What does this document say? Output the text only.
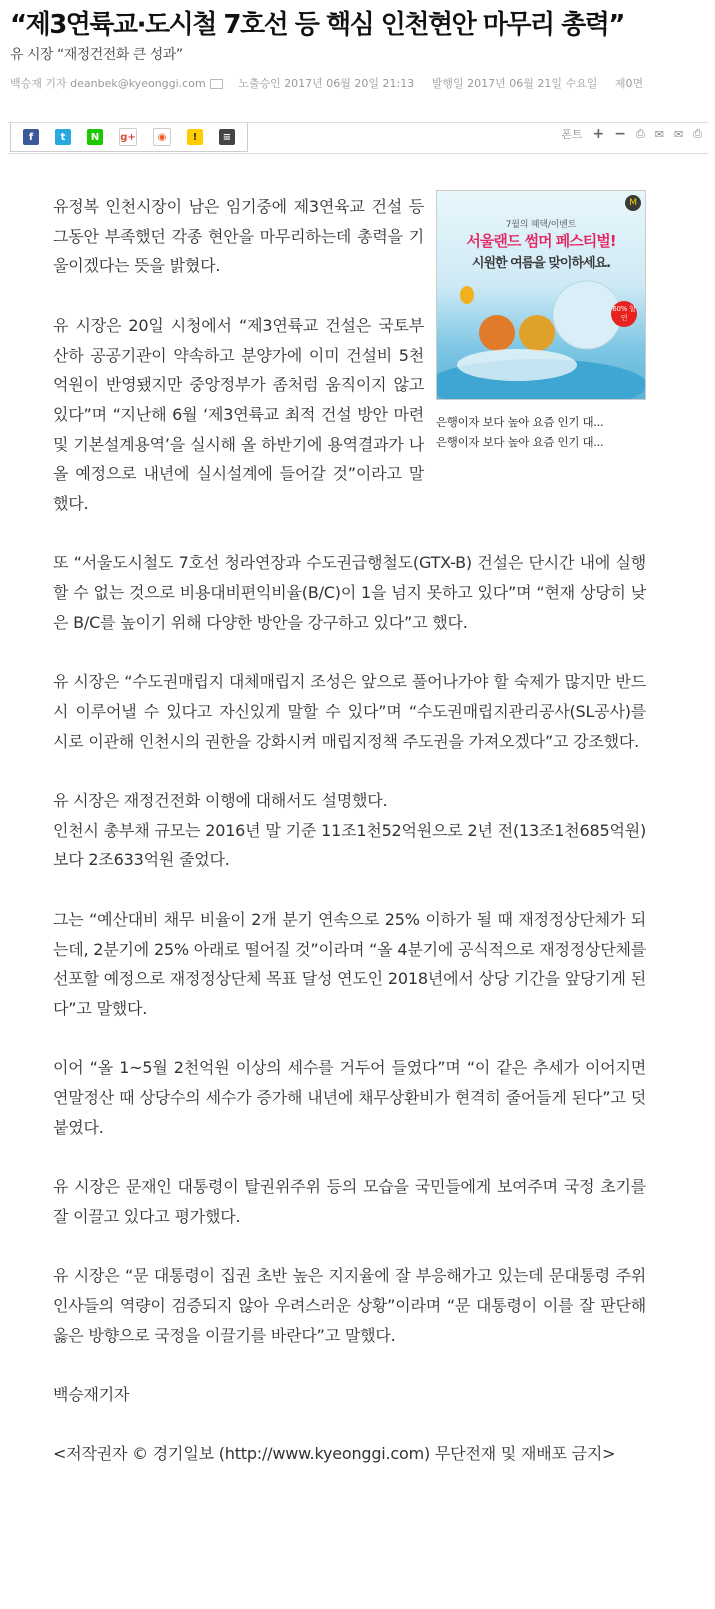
“제3연륙교·도시철 7호선 등 핵심 인천현안 마무리 총력”
유 시장 “재정건전화 큰 성과”
백승재 기자 deanbek@kyeonggi.com	노출승인 2017년 06월 20일 21:13 발행일 2017년 06월 21일 수요일 제0면
f	t	N	g+	◉	!	≡	폰트 + − ⎙ ✉ ✉ ⎙
M
7월의 혜택/이벤트
서울랜드 썸머 페스티벌!
시원한 여름을 맞이하세요.
60% 할인
은행이자 보다 높아 요즘 인기 대...
은행이자 보다 높아 요즘 인기 대...

유정복 인천시장이 남은 임기중에 제3연육교 건설 등 그동안 부족했던 각종 현안을 마무리하는데 총력을 기울이겠다는 뜻을 밝혔다.

유 시장은 20일 시청에서 “제3연륙교 건설은 국토부 산하 공공기관이 약속하고 분양가에 이미 건설비 5천억원이 반영됐지만 중앙정부가 좀처럼 움직이지 않고 있다”며 “지난해 6월 ‘제3연륙교 최적 건설 방안 마련 및 기본설계용역’을 실시해 올 하반기에 용역결과가 나올 예정으로 내년에 실시설계에 들어갈 것”이라고 말했다.

또 “서울도시철도 7호선 청라연장과 수도권급행철도(GTX-B) 건설은 단시간 내에 실행할 수 없는 것으로 비용대비편익비율(B/C)이 1을 넘지 못하고 있다”며 “현재 상당히 낮은 B/C를 높이기 위해 다양한 방안을 강구하고 있다”고 했다.

유 시장은 “수도권매립지 대체매립지 조성은 앞으로 풀어나가야 할 숙제가 많지만 반드시 이루어낼 수 있다고 자신있게 말할 수 있다”며 “수도권매립지관리공사(SL공사)를 시로 이관해 인천시의 권한을 강화시켜 매립지정책 주도권을 가져오겠다”고 강조했다.

유 시장은 재정건전화 이행에 대해서도 설명했다.

인천시 총부채 규모는 2016년 말 기준 11조1천52억원으로 2년 전(13조1천685억원)보다 2조633억원 줄었다.

그는 “예산대비 채무 비율이 2개 분기 연속으로 25% 이하가 될 때 재정정상단체가 되는데, 2분기에 25% 아래로 떨어질 것”이라며 “올 4분기에 공식적으로 재정정상단체를 선포할 예정으로 재정정상단체 목표 달성 연도인 2018년에서 상당 기간을 앞당기게 된다”고 말했다.

이어 “올 1~5월 2천억원 이상의 세수를 거두어 들였다”며 “이 같은 추세가 이어지면 연말정산 때 상당수의 세수가 증가해 내년에 채무상환비가 현격히 줄어들게 된다”고 덧붙였다.

유 시장은 문재인 대통령이 탈권위주위 등의 모습을 국민들에게 보여주며 국정 초기를 잘 이끌고 있다고 평가했다.

유 시장은 “문 대통령이 집권 초반 높은 지지율에 잘 부응해가고 있는데 문대통령 주위 인사들의 역량이 검증되지 않아 우려스러운 상황”이라며 “문 대통령이 이를 잘 판단해 옳은 방향으로 국정을 이끌기를 바란다”고 말했다.

백승재기자

<저작권자 © 경기일보 (http://www.kyeonggi.com) 무단전재 및 재배포 금지>
